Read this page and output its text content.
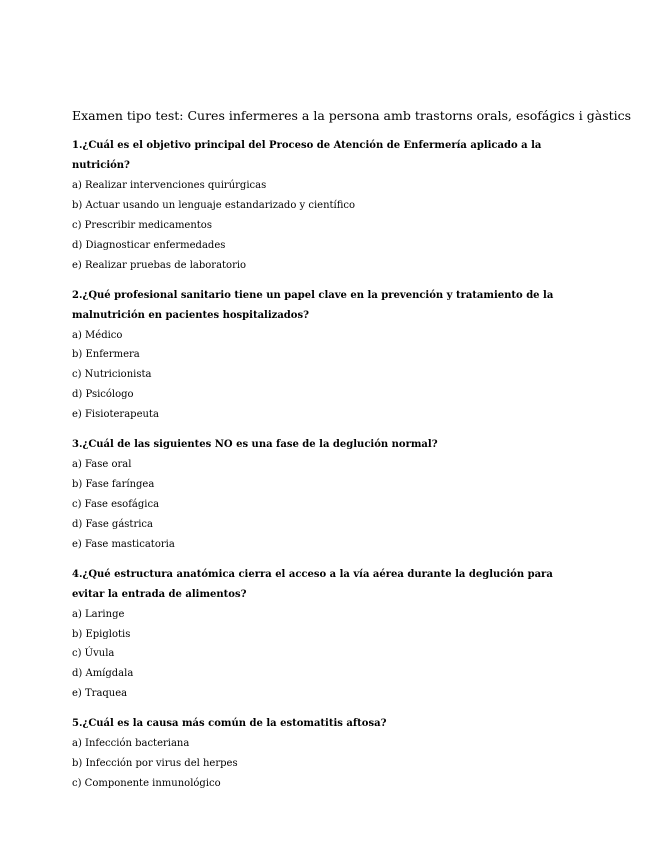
Examen tipo test: Cures infermeres a la persona amb trastorns orals, esofágics i gàstics

1.¿Cuál es el objetivo principal del Proceso de Atención de Enfermería aplicado a la nutrición?

a) Realizar intervenciones quirúrgicas
b) Actuar usando un lenguaje estandarizado y científico
c) Prescribir medicamentos
d) Diagnosticar enfermedades
e) Realizar pruebas de laboratorio

2.¿Qué profesional sanitario tiene un papel clave en la prevención y tratamiento de la malnutrición en pacientes hospitalizados?

a) Médico
b) Enfermera
c) Nutricionista
d) Psicólogo
e) Fisioterapeuta

3.¿Cuál de las siguientes NO es una fase de la deglución normal?

a) Fase oral
b) Fase faríngea
c) Fase esofágica
d) Fase gástrica
e) Fase masticatoria

4.¿Qué estructura anatómica cierra el acceso a la vía aérea durante la deglución para evitar la entrada de alimentos?

a) Laringe
b) Epiglotis
c) Úvula
d) Amígdala
e) Traquea

5.¿Cuál es la causa más común de la estomatitis aftosa?

a) Infección bacteriana
b) Infección por virus del herpes
c) Componente inmunológico
